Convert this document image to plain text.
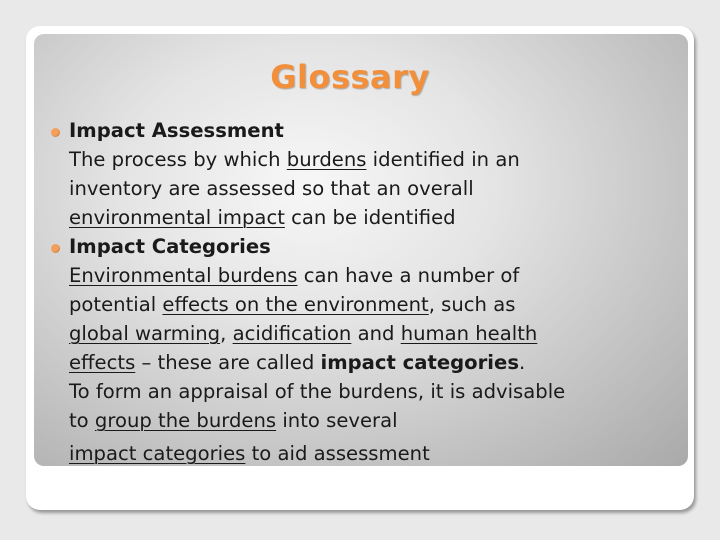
Glossary
Impact Assessment
The process by which burdens identified in an
inventory are assessed so that an overall
environmental impact can be identified
Impact Categories
Environmental burdens can have a number of
potential effects on the environment, such as
global warming, acidification and human health
effects – these are called impact categories.
To form an appraisal of the burdens, it is advisable
to group the burdens into several
impact categories to aid assessment
